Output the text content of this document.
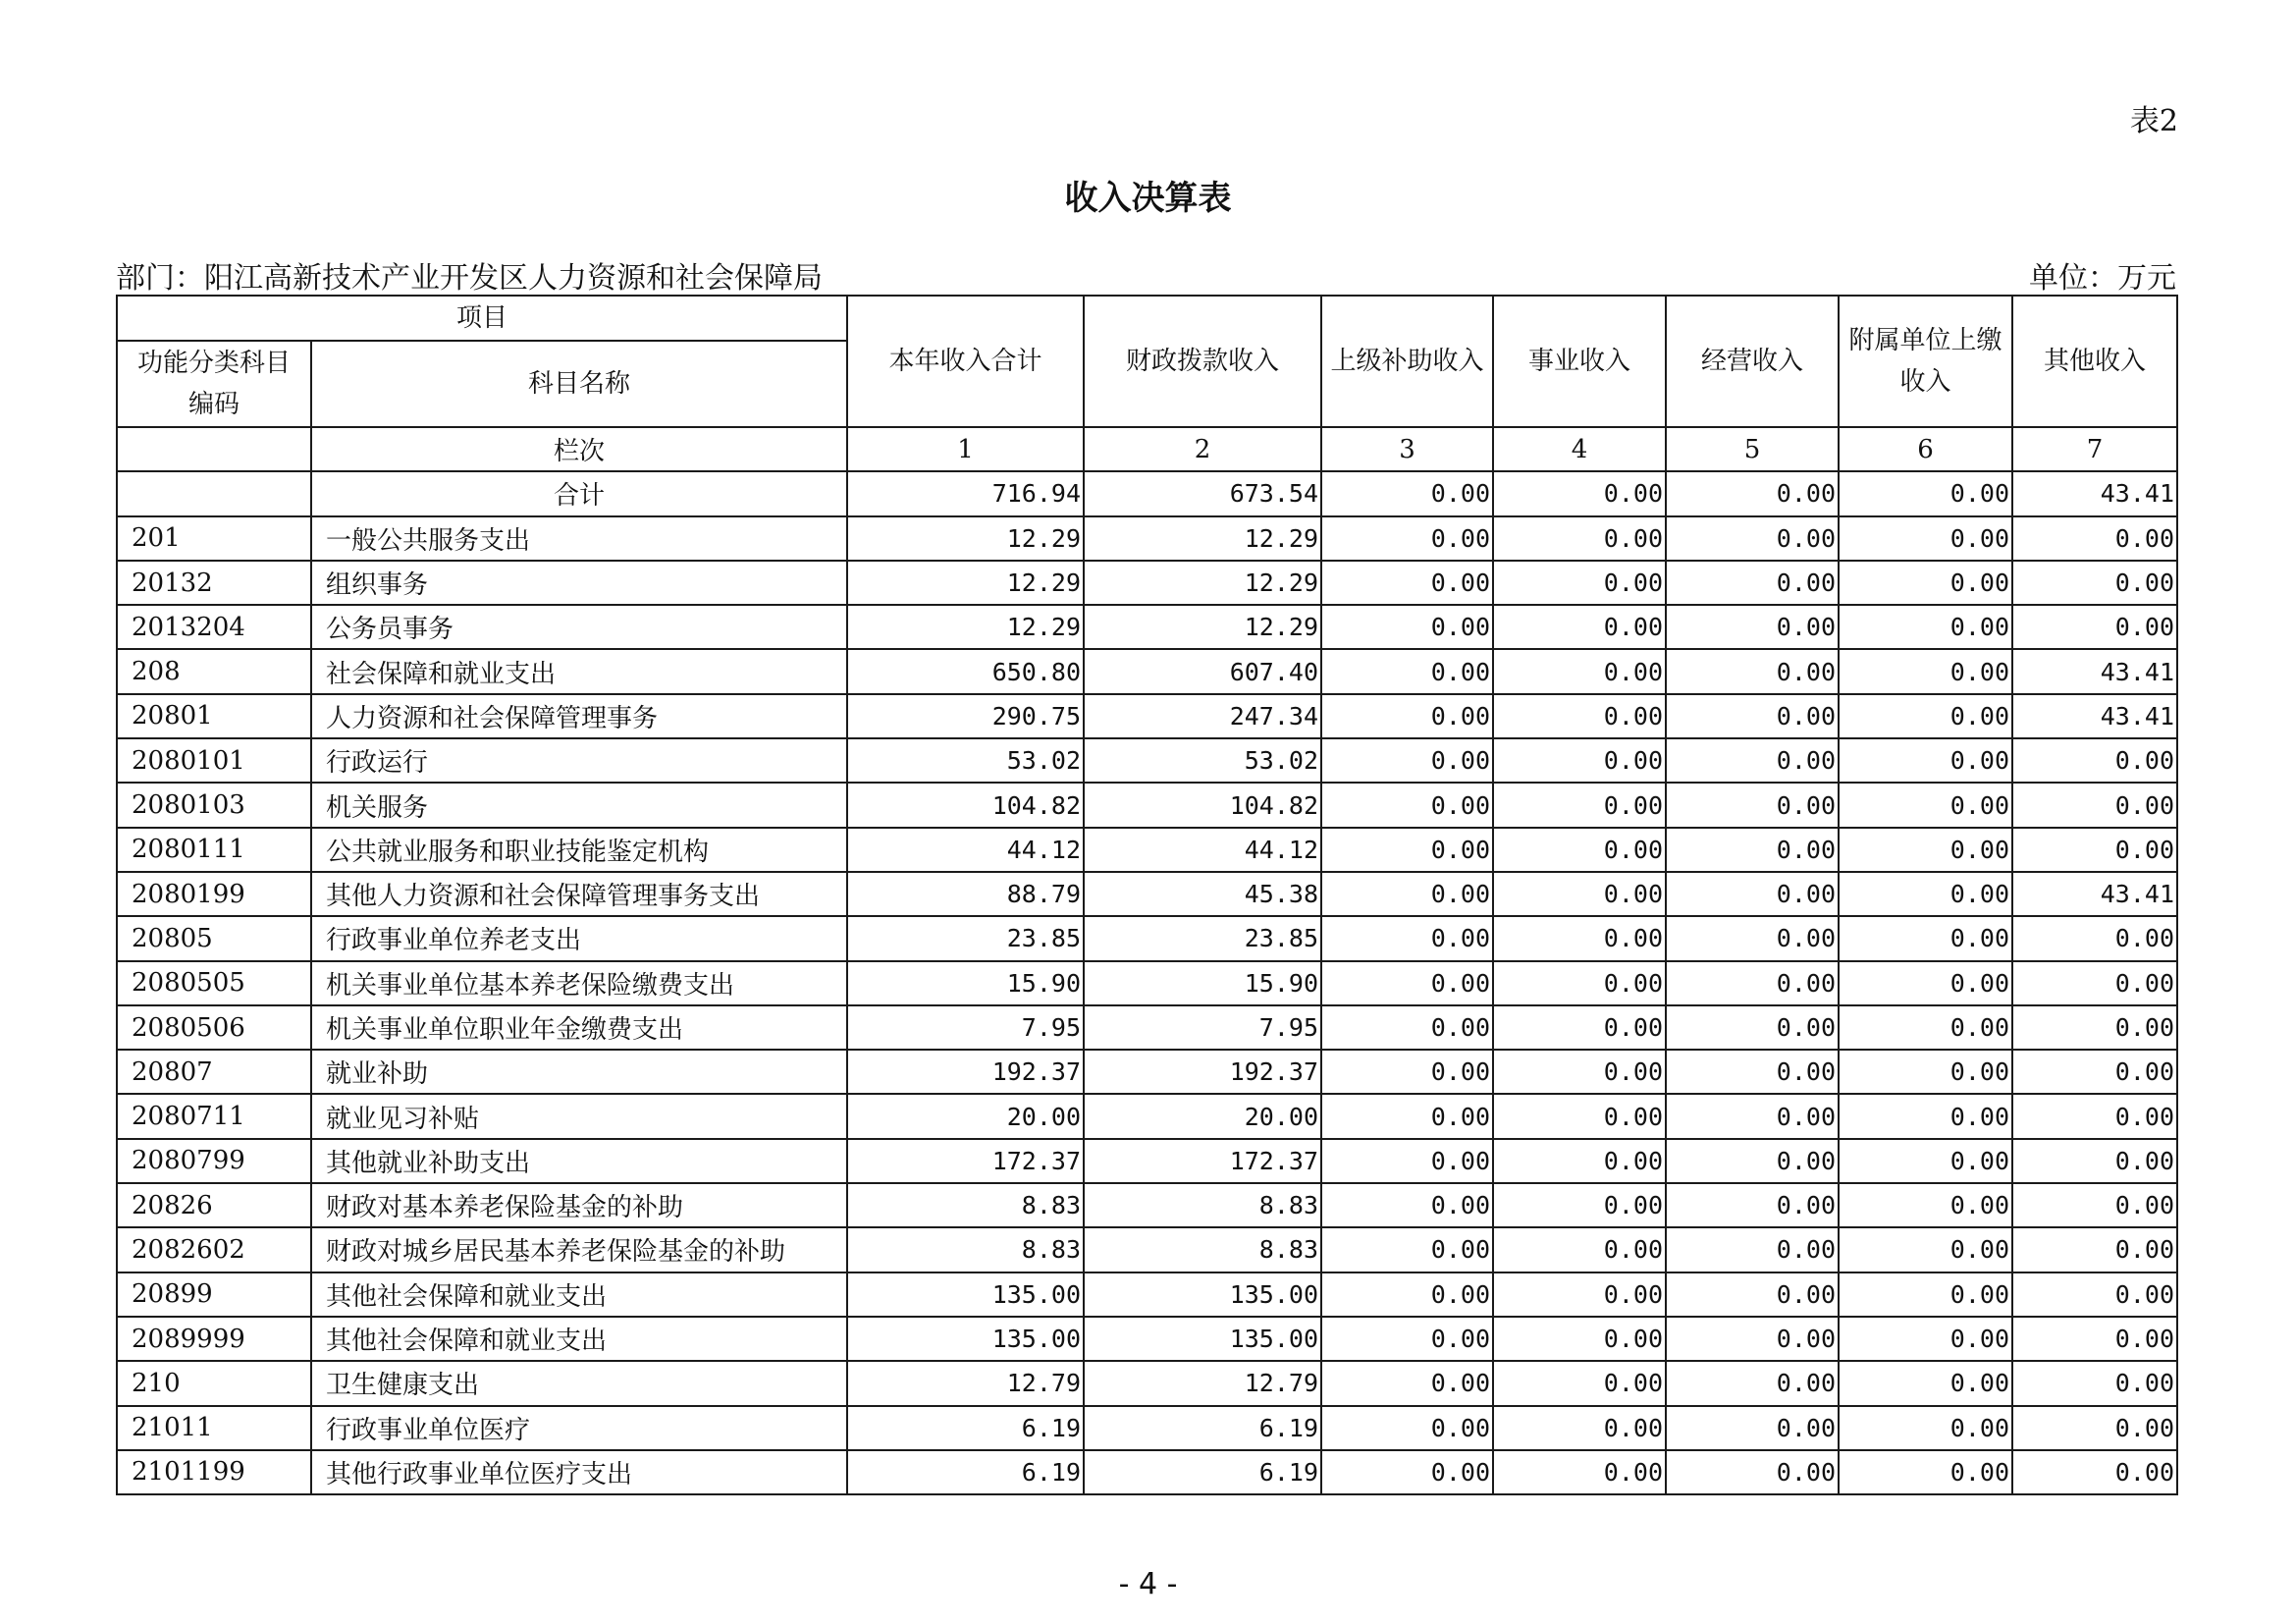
表2
收入决算表
部门：阳江高新技术产业开发区人力资源和社会保障局	单位：万元
项目		本年收入合计	财政拨款收入	上级补助收入	事业收入	经营收入	附属单位上缴收入	其他收入
功能分类科目编码	科目名称							
	栏次	1	2	3	4	5	6	7
	合计	716.94	673.54	0.00	0.00	0.00	0.00	43.41
201	一般公共服务支出	12.29	12.29	0.00	0.00	0.00	0.00	0.00
20132	组织事务	12.29	12.29	0.00	0.00	0.00	0.00	0.00
2013204	公务员事务	12.29	12.29	0.00	0.00	0.00	0.00	0.00
208	社会保障和就业支出	650.80	607.40	0.00	0.00	0.00	0.00	43.41
20801	人力资源和社会保障管理事务	290.75	247.34	0.00	0.00	0.00	0.00	43.41
2080101	行政运行	53.02	53.02	0.00	0.00	0.00	0.00	0.00
2080103	机关服务	104.82	104.82	0.00	0.00	0.00	0.00	0.00
2080111	公共就业服务和职业技能鉴定机构	44.12	44.12	0.00	0.00	0.00	0.00	0.00
2080199	其他人力资源和社会保障管理事务支出	88.79	45.38	0.00	0.00	0.00	0.00	43.41
20805	行政事业单位养老支出	23.85	23.85	0.00	0.00	0.00	0.00	0.00
2080505	机关事业单位基本养老保险缴费支出	15.90	15.90	0.00	0.00	0.00	0.00	0.00
2080506	机关事业单位职业年金缴费支出	7.95	7.95	0.00	0.00	0.00	0.00	0.00
20807	就业补助	192.37	192.37	0.00	0.00	0.00	0.00	0.00
2080711	就业见习补贴	20.00	20.00	0.00	0.00	0.00	0.00	0.00
2080799	其他就业补助支出	172.37	172.37	0.00	0.00	0.00	0.00	0.00
20826	财政对基本养老保险基金的补助	8.83	8.83	0.00	0.00	0.00	0.00	0.00
2082602	财政对城乡居民基本养老保险基金的补助	8.83	8.83	0.00	0.00	0.00	0.00	0.00
20899	其他社会保障和就业支出	135.00	135.00	0.00	0.00	0.00	0.00	0.00
2089999	其他社会保障和就业支出	135.00	135.00	0.00	0.00	0.00	0.00	0.00
210	卫生健康支出	12.79	12.79	0.00	0.00	0.00	0.00	0.00
21011	行政事业单位医疗	6.19	6.19	0.00	0.00	0.00	0.00	0.00
2101199	其他行政事业单位医疗支出	6.19	6.19	0.00	0.00	0.00	0.00	0.00
- 4 -
